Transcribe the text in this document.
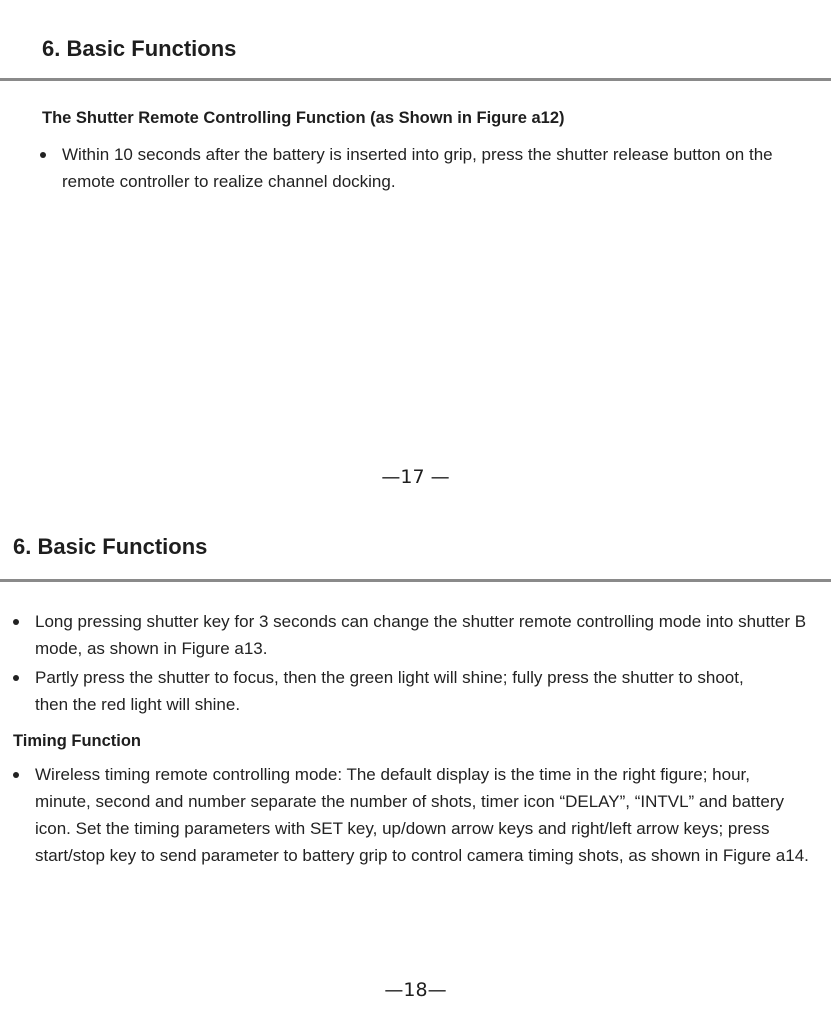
6. Basic Functions
The Shutter Remote Controlling Function (as Shown in Figure a12)
Within 10 seconds after the battery is inserted into grip, press the shutter release button on the remote controller to realize channel docking.
—17 —
6. Basic Functions
Long pressing shutter key for 3 seconds can change the shutter remote controlling mode into shutter B mode, as shown in Figure a13.
Partly press the shutter to focus, then the green light will shine; fully press the shutter to shoot, then the red light will shine.
Timing Function
Wireless timing remote controlling mode: The default display is the time in the right figure; hour, minute, second and number separate the number of shots, timer icon “DELAY”, “INTVL” and battery icon. Set the timing parameters with SET key, up/down arrow keys and right/left arrow keys; press start/stop key to send parameter to battery grip to control camera timing shots, as shown in Figure a14.
—18—
